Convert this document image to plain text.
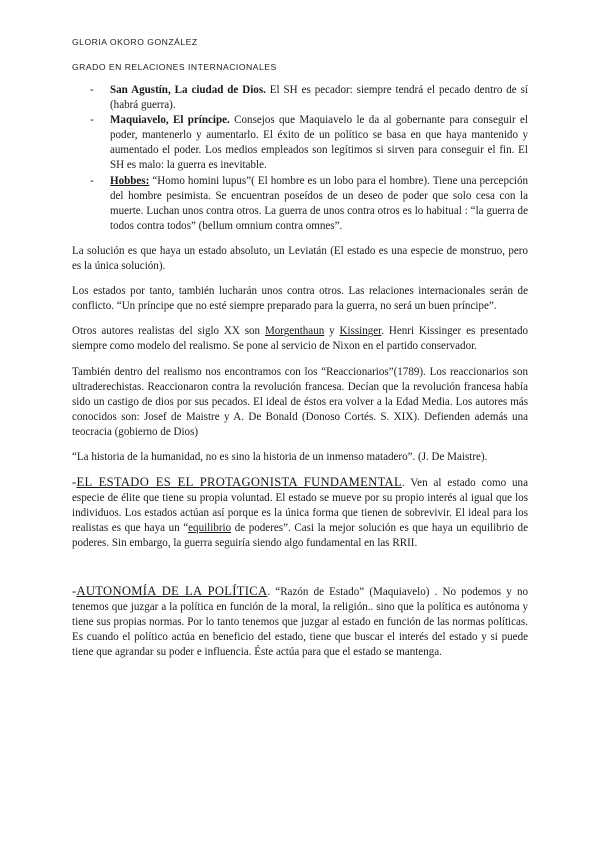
GLORIA OKORO GONZÁLEZ
GRADO EN RELACIONES INTERNACIONALES
- San Agustín, La ciudad de Dios. El SH es pecador: siempre tendrá el pecado dentro de sí (habrá guerra).
- Maquiavelo, El príncipe. Consejos que Maquiavelo le da al gobernante para conseguir el poder, mantenerlo y aumentarlo. El éxito de un político se basa en que haya mantenido y aumentado el poder. Los medios empleados son legítimos si sirven para conseguir el fin. El SH es malo: la guerra es inevitable.
- Hobbes: “Homo homini lupus”( El hombre es un lobo para el hombre). Tiene una percepción del hombre pesimista. Se encuentran poseídos de un deseo de poder que solo cesa con la muerte. Luchan unos contra otros. La guerra de unos contra otros es lo habitual : “la guerra de todos contra todos” (bellum omnium contra omnes”.

La solución es que haya un estado absoluto, un Leviatán (El estado es una especie de monstruo, pero es la única solución).

Los estados por tanto, también lucharán unos contra otros. Las relaciones internacionales serán de conflicto. “Un príncipe que no esté siempre preparado para la guerra, no será un buen príncipe”.

Otros autores realistas del siglo XX son Morgenthaun y Kissinger. Henri Kissinger es presentado siempre como modelo del realismo. Se pone al servicio de Nixon en el partido conservador.

También dentro del realismo nos encontramos con los “Reaccionarios”(1789). Los reaccionarios son ultraderechistas. Reaccionaron contra la revolución francesa. Decían que la revolución francesa había sido un castigo de dios por sus pecados. El ideal de éstos era volver a la Edad Media. Los autores más conocidos son: Josef de Maistre y A. De Bonald (Donoso Cortés. S. XIX). Defienden además una teocracia (gobierno de Dios)

“La historia de la humanidad, no es sino la historia de un inmenso matadero”. (J. De Maistre).

-EL ESTADO ES EL PROTAGONISTA FUNDAMENTAL. Ven al estado como una especie de élite que tiene su propia voluntad. El estado se mueve por su propio interés al igual que los individuos. Los estados actúan así porque es la única forma que tienen de sobrevivir. El ideal para los realistas es que haya un “equilibrio de poderes”. Casi la mejor solución es que haya un equilibrio de poderes. Sin embargo, la guerra seguiría siendo algo fundamental en las RRII.

-AUTONOMÍA DE LA POLÍTICA. “Razón de Estado” (Maquiavelo) . No podemos y no tenemos que juzgar a la política en función de la moral, la religión.. sino que la política es autónoma y tiene sus propias normas. Por lo tanto tenemos que juzgar al estado en función de las normas políticas. Es cuando el político actúa en beneficio del estado, tiene que buscar el interés del estado y si puede tiene que agrandar su poder e influencia. Éste actúa para que el estado se mantenga.
